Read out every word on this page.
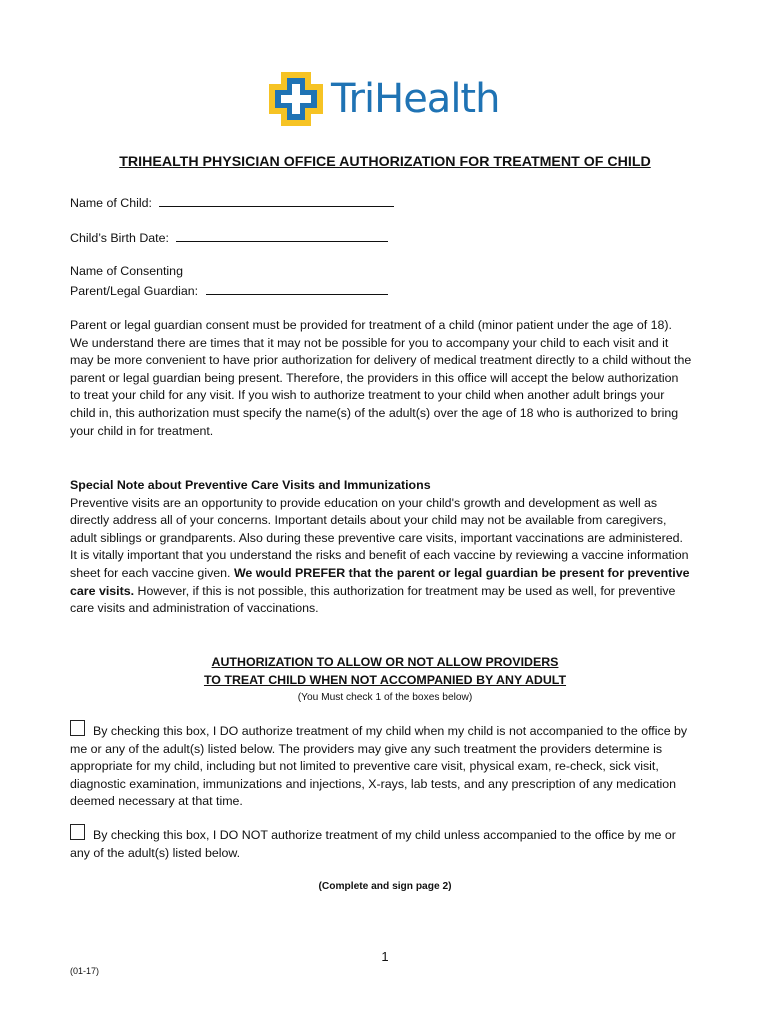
TriHealth
TRIHEALTH PHYSICIAN OFFICE AUTHORIZATION FOR TREATMENT OF CHILD
Name of Child:
Child’s Birth Date:
Name of Consenting
Parent/Legal Guardian:

Parent or legal guardian consent must be provided for treatment of a child (minor patient under the age of 18). We understand there are times that it may not be possible for you to accompany your child to each visit and it may be more convenient to have prior authorization for delivery of medical treatment directly to a child without the parent or legal guardian being present. Therefore, the providers in this office will accept the below authorization to treat your child for any visit. If you wish to authorize treatment to your child when another adult brings your child in, this authorization must specify the name(s) of the adult(s) over the age of 18 who is authorized to bring your child in for treatment.

Special Note about Preventive Care Visits and Immunizations
Preventive visits are an opportunity to provide education on your child's growth and development as well as directly address all of your concerns. Important details about your child may not be available from caregivers, adult siblings or grandparents. Also during these preventive care visits, important vaccinations are administered. It is vitally important that you understand the risks and benefit of each vaccine by reviewing a vaccine information sheet for each vaccine given. We would PREFER that the parent or legal guardian be present for preventive care visits. However, if this is not possible, this authorization for treatment may be used as well, for preventive care visits and administration of vaccinations.

AUTHORIZATION TO ALLOW OR NOT ALLOW PROVIDERS
TO TREAT CHILD WHEN NOT ACCOMPANIED BY ANY ADULT
(You Must check 1 of the boxes below)

By checking this box, I DO authorize treatment of my child when my child is not accompanied to the office by me or any of the adult(s) listed below. The providers may give any such treatment the providers determine is appropriate for my child, including but not limited to preventive care visit, physical exam, re-check, sick visit, diagnostic examination, immunizations and injections, X-rays, lab tests, and any prescription of any medication deemed necessary at that time.

By checking this box, I DO NOT authorize treatment of my child unless accompanied to the office by me or any of the adult(s) listed below.

(Complete and sign page 2)
1
(01-17)
